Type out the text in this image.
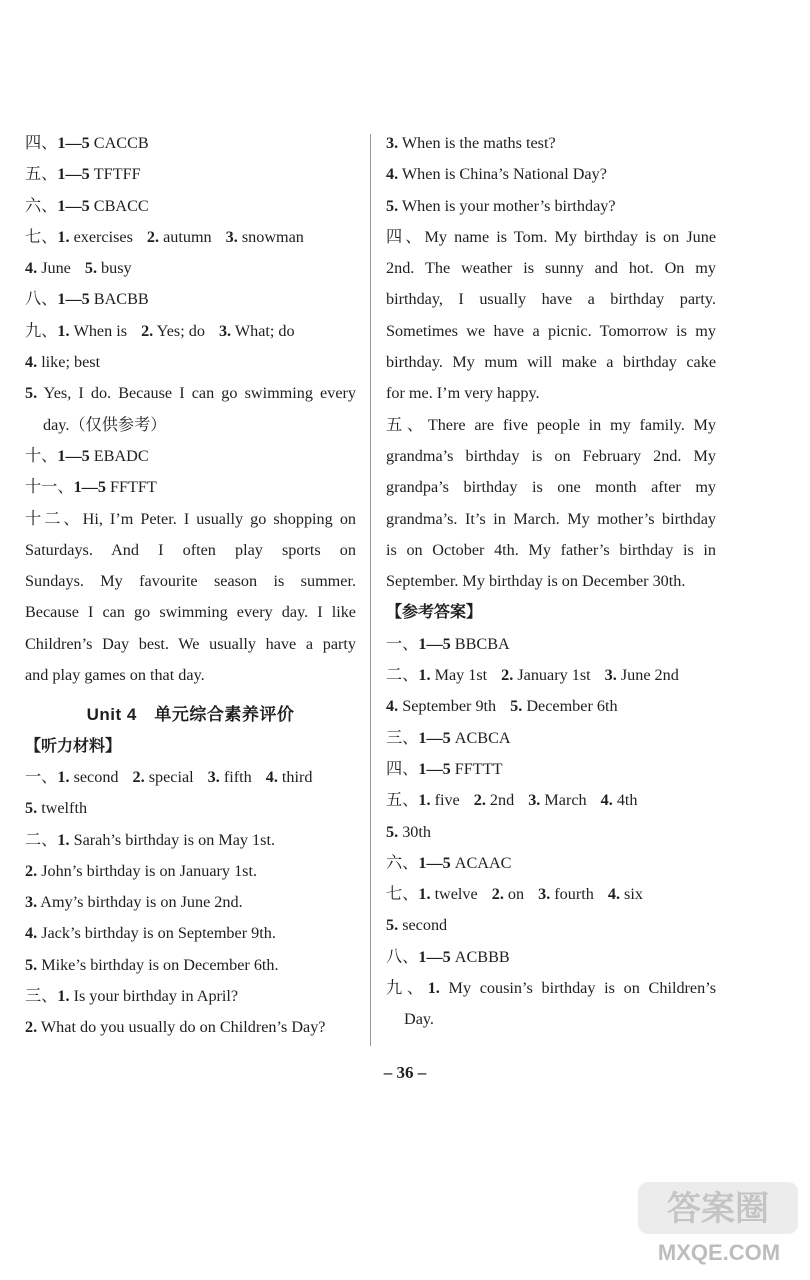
四、1—5 CACCB
五、1—5 TFTFF
六、1—5 CBACC
七、1. exercises 2. autumn 3. snowman
4. June 5. busy
八、1—5 BACBB
九、1. When is 2. Yes; do 3. What; do
4. like; best
5. Yes, I do. Because I can go swimming every
day.（仅供参考）
十、1—5 EBADC
十一、1—5 FFTFT
十二、Hi, I’m Peter. I usually go shopping on
Saturdays. And I often play sports on
Sundays. My favourite season is summer.
Because I can go swimming every day. I like
Children’s Day best. We usually have a party
and play games on that day.
Unit 4　单元综合素养评价
【听力材料】
一、1. second 2. special 3. fifth 4. third
5. twelfth
二、1. Sarah’s birthday is on May 1st.
2. John’s birthday is on January 1st.
3. Amy’s birthday is on June 2nd.
4. Jack’s birthday is on September 9th.
5. Mike’s birthday is on December 6th.
三、1. Is your birthday in April?
2. What do you usually do on Children’s Day?
3. When is the maths test?
4. When is China’s National Day?
5. When is your mother’s birthday?
四、My name is Tom. My birthday is on June
2nd. The weather is sunny and hot. On my
birthday, I usually have a birthday party.
Sometimes we have a picnic. Tomorrow is my
birthday. My mum will make a birthday cake
for me. I’m very happy.
五、There are five people in my family. My
grandma’s birthday is on February 2nd. My
grandpa’s birthday is one month after my
grandma’s. It’s in March. My mother’s birthday
is on October 4th. My father’s birthday is in
September. My birthday is on December 30th.
【参考答案】
一、1—5 BBCBA
二、1. May 1st 2. January 1st 3. June 2nd
4. September 9th 5. December 6th
三、1—5 ACBCA
四、1—5 FFTTT
五、1. five 2. 2nd 3. March 4. 4th
5. 30th
六、1—5 ACAAC
七、1. twelve 2. on 3. fourth 4. six
5. second
八、1—5 ACBBB
九、1. My cousin’s birthday is on Children’s
Day.
– 36 –
答案圈
MXQE.COM
